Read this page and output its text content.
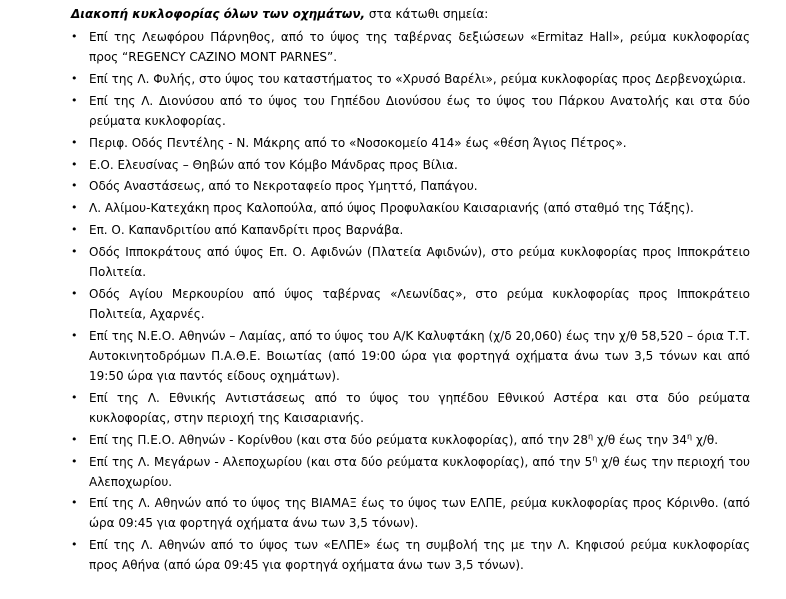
Διακοπή κυκλοφορίας όλων των οχημάτων, στα κάτωθι σημεία:
• Επί της Λεωφόρου Πάρνηθος, από το ύψος της ταβέρνας δεξιώσεων «Ermitaz Hall», ρεύμα κυκλοφορίας προς “REGENCY CAZINO MONT PARNES”.
• Επί της Λ. Φυλής, στο ύψος του καταστήματος το «Χρυσό Βαρέλι», ρεύμα κυκλοφορίας προς Δερβενοχώρια.
• Επί της Λ. Διονύσου από το ύψος του Γηπέδου Διονύσου έως το ύψος του Πάρκου Ανατολής και στα δύο ρεύματα κυκλοφορίας.
• Περιφ. Οδός Πεντέλης - Ν. Μάκρης από το «Νοσοκομείο 414» έως «θέση Άγιος Πέτρος».
• Ε.Ο. Ελευσίνας – Θηβών από τον Κόμβο Μάνδρας προς Βίλια.
• Οδός Αναστάσεως, από το Νεκροταφείο προς Υμηττό, Παπάγου.
• Λ. Αλίμου-Κατεχάκη προς Καλοπούλα, από ύψος Προφυλακίου Καισαριανής (από σταθμό της Τάξης).
• Επ. Ο. Καπανδριτίου από Καπανδρίτι προς Βαρνάβα.
• Οδός Ιπποκράτους από ύψος Επ. Ο. Αφιδνών (Πλατεία Αφιδνών), στο ρεύμα κυκλοφορίας προς Ιπποκράτειο Πολιτεία.
• Οδός Αγίου Μερκουρίου από ύψος ταβέρνας «Λεωνίδας», στο ρεύμα κυκλοφορίας προς Ιπποκράτειο Πολιτεία, Αχαρνές.
• Επί της Ν.Ε.Ο. Αθηνών – Λαμίας, από το ύψος του Α/Κ Καλυφτάκη (χ/δ 20,060) έως την χ/θ 58,520 – όρια Τ.Τ. Αυτοκινητοδρόμων Π.Α.Θ.Ε. Βοιωτίας (από 19:00 ώρα για φορτηγά οχήματα άνω των 3,5 τόνων και από 19:50 ώρα για παντός είδους οχημάτων).
• Επί της Λ. Εθνικής Αντιστάσεως από το ύψος του γηπέδου Εθνικού Αστέρα και στα δύο ρεύματα κυκλοφορίας, στην περιοχή της Καισαριανής.
• Επί της Π.Ε.Ο. Αθηνών - Κορίνθου (και στα δύο ρεύματα κυκλοφορίας), από την $28^\eta$ χ/θ έως την $34^\eta$ χ/θ.
• Επί της Λ. Μεγάρων - Αλεποχωρίου (και στα δύο ρεύματα κυκλοφορίας), από την $5^\eta$ χ/θ έως την περιοχή του Αλεποχωρίου.
• Επί της Λ. Αθηνών από το ύψος της ΒΙΑΜΑΞ έως το ύψος των ΕΛΠΕ, ρεύμα κυκλοφορίας προς Κόρινθο. (από ώρα 09:45 για φορτηγά οχήματα άνω των 3,5 τόνων).
• Επί της Λ. Αθηνών από το ύψος των «ΕΛΠΕ» έως τη συμβολή της με την Λ. Κηφισού ρεύμα κυκλοφορίας προς Αθήνα (από ώρα 09:45 για φορτηγά οχήματα άνω των 3,5 τόνων).
